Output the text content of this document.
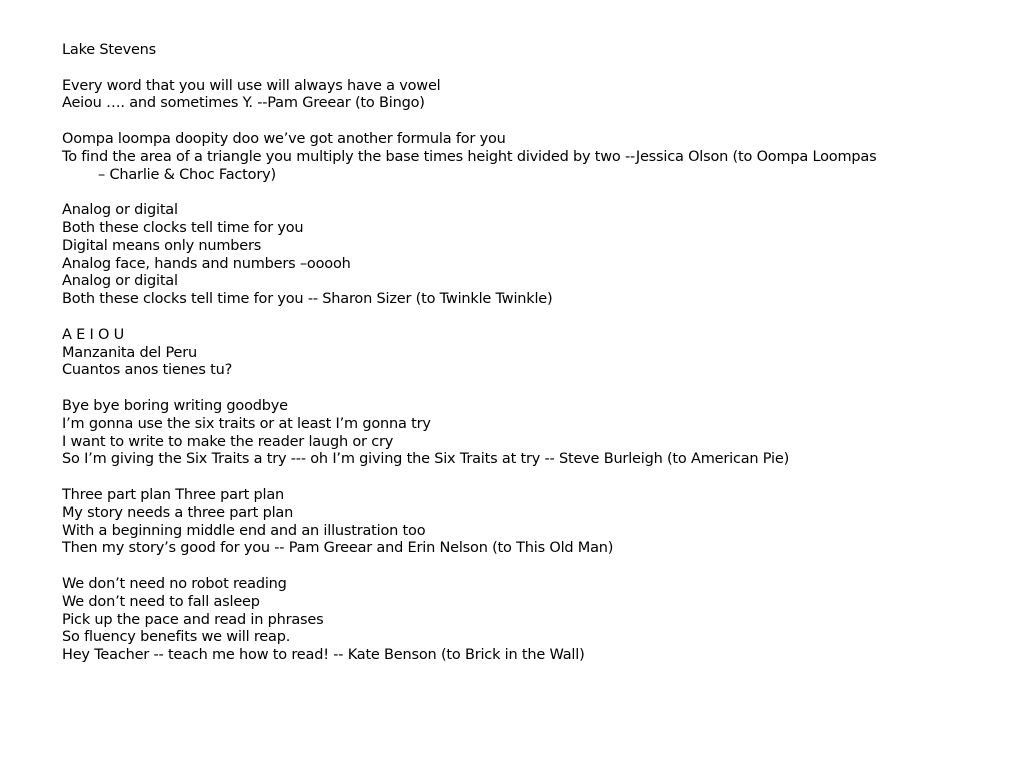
Lake Stevens
Every word that you will use will always have a vowel
Aeiou …. and sometimes Y. --Pam Greear (to Bingo)
Oompa loompa doopity doo we’ve got another formula for you
To find the area of a triangle you multiply the base times height divided by two --Jessica Olson (to Oompa Loompas
– Charlie & Choc Factory)
Analog or digital
Both these clocks tell time for you
Digital means only numbers
Analog face, hands and numbers –ooooh
Analog or digital
Both these clocks tell time for you -- Sharon Sizer (to Twinkle Twinkle)
A E I O U
Manzanita del Peru
Cuantos anos tienes tu?
Bye bye boring writing goodbye
I’m gonna use the six traits or at least I’m gonna try
I want to write to make the reader laugh or cry
So I’m giving the Six Traits a try --- oh I’m giving the Six Traits at try -- Steve Burleigh (to American Pie)
Three part plan Three part plan
My story needs a three part plan
With a beginning middle end and an illustration too
Then my story’s good for you -- Pam Greear and Erin Nelson (to This Old Man)
We don’t need no robot reading
We don’t need to fall asleep
Pick up the pace and read in phrases
So fluency benefits we will reap.
Hey Teacher -- teach me how to read! -- Kate Benson (to Brick in the Wall)
